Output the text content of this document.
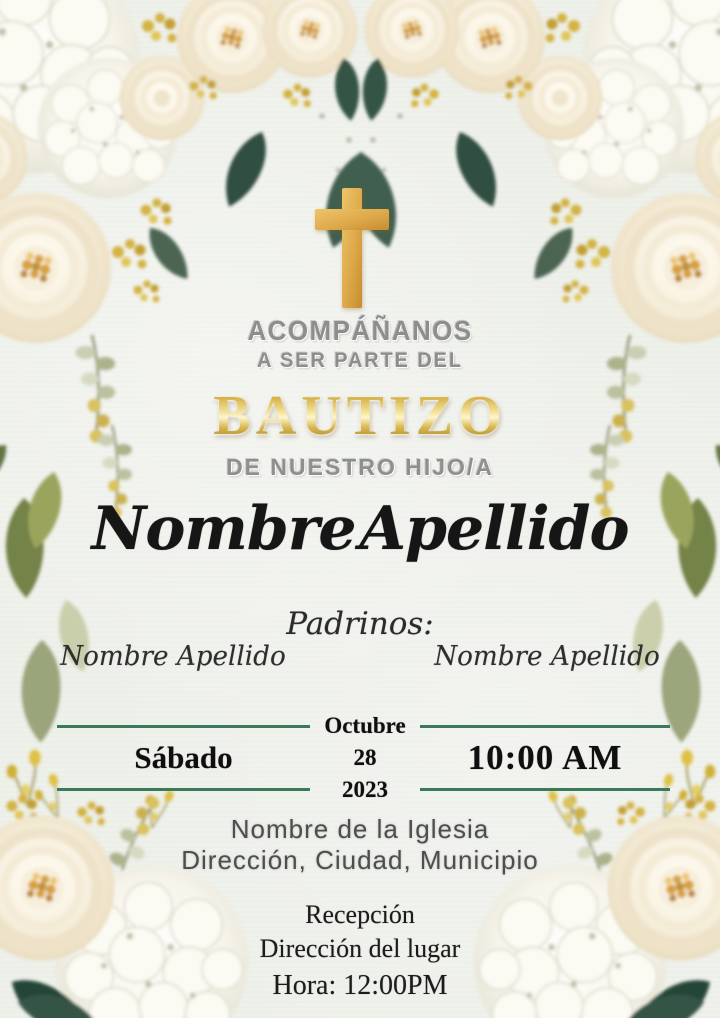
ACOMPÁÑANOS
A SER PARTE DEL
BAUTIZO
DE NUESTRO HIJO/A
Nombre Apellido
Padrinos:
Nombre Apellido	Nombre Apellido
Sábado
Octubre
28
2023
10:00 AM
Nombre de la Iglesia
Dirección, Ciudad, Municipio
Recepción
Dirección del lugar
Hora: 12:00PM
